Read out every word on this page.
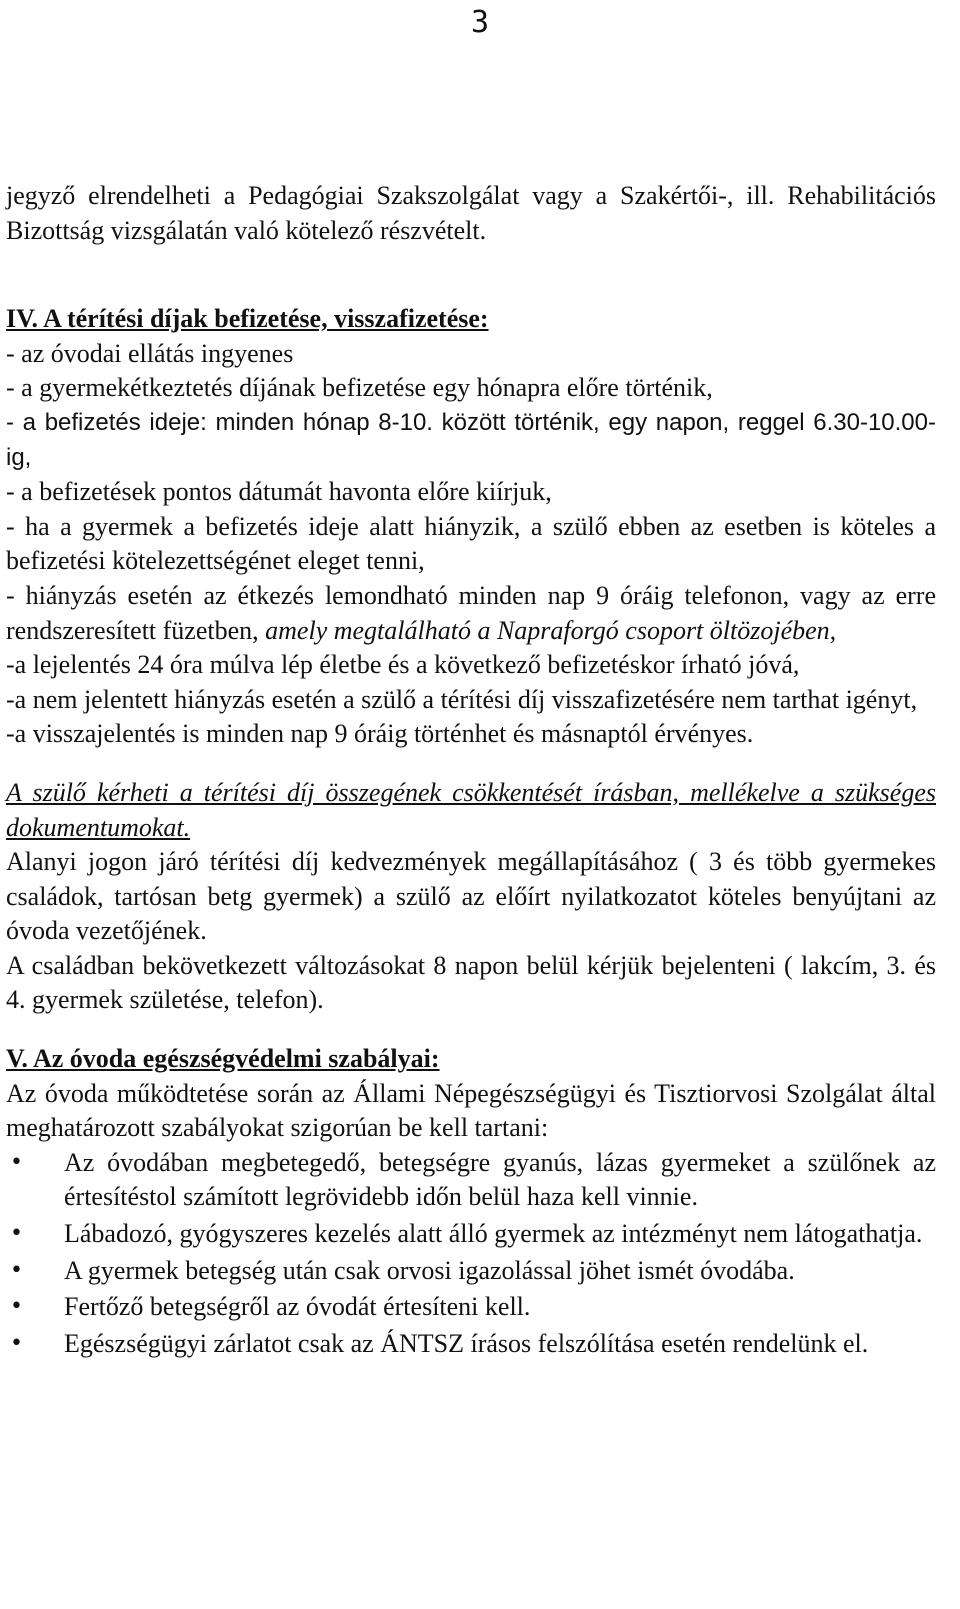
3

jegyző elrendelheti a Pedagógiai Szakszolgálat vagy a Szakértői-, ill. Rehabilitációs Bizottság vizsgálatán való kötelező részvételt.

IV. A térítési díjak befizetése, visszafizetése:

- az óvodai ellátás ingyenes

- a gyermekétkeztetés díjának befizetése egy hónapra előre történik,

- a befizetés ideje: minden hónap 8-10. között történik, egy napon, reggel 6.30-10.00-ig,

- a befizetések pontos dátumát havonta előre kiírjuk,

- ha a gyermek a befizetés ideje alatt hiányzik, a szülő ebben az esetben is köteles a befizetési kötelezettségénet eleget tenni,

- hiányzás esetén az étkezés lemondható minden nap 9 óráig telefonon, vagy az erre rendszeresített füzetben, amely megtalálható a Napraforgó csoport öltözojében,

-a lejelentés 24 óra múlva lép életbe és a következő befizetéskor írható jóvá,

-a nem jelentett hiányzás esetén a szülő a térítési díj visszafizetésére nem tarthat igényt,

-a visszajelentés is minden nap 9 óráig történhet és másnaptól érvényes.

A szülő kérheti a térítési díj összegének csökkentését írásban, mellékelve a szükséges dokumentumokat.

Alanyi jogon járó térítési díj kedvezmények megállapításához ( 3 és több gyermekes családok, tartósan betg gyermek) a szülő az előírt nyilatkozatot köteles benyújtani az óvoda vezetőjének.

A családban bekövetkezett változásokat 8 napon belül kérjük bejelenteni ( lakcím, 3. és 4. gyermek születése, telefon).

V. Az óvoda egészségvédelmi szabályai:

Az óvoda működtetése során az Állami Népegészségügyi és Tisztiorvosi Szolgálat által meghatározott szabályokat szigorúan be kell tartani:

• Az óvodában megbetegedő, betegségre gyanús, lázas gyermeket a szülőnek az értesítéstol számított legrövidebb időn belül haza kell vinnie.
• Lábadozó, gyógyszeres kezelés alatt álló gyermek az intézményt nem látogathatja.
• A gyermek betegség után csak orvosi igazolással jöhet ismét óvodába.
• Fertőző betegségről az óvodát értesíteni kell.
• Egészségügyi zárlatot csak az ÁNTSZ írásos felszólítása esetén rendelünk el.
